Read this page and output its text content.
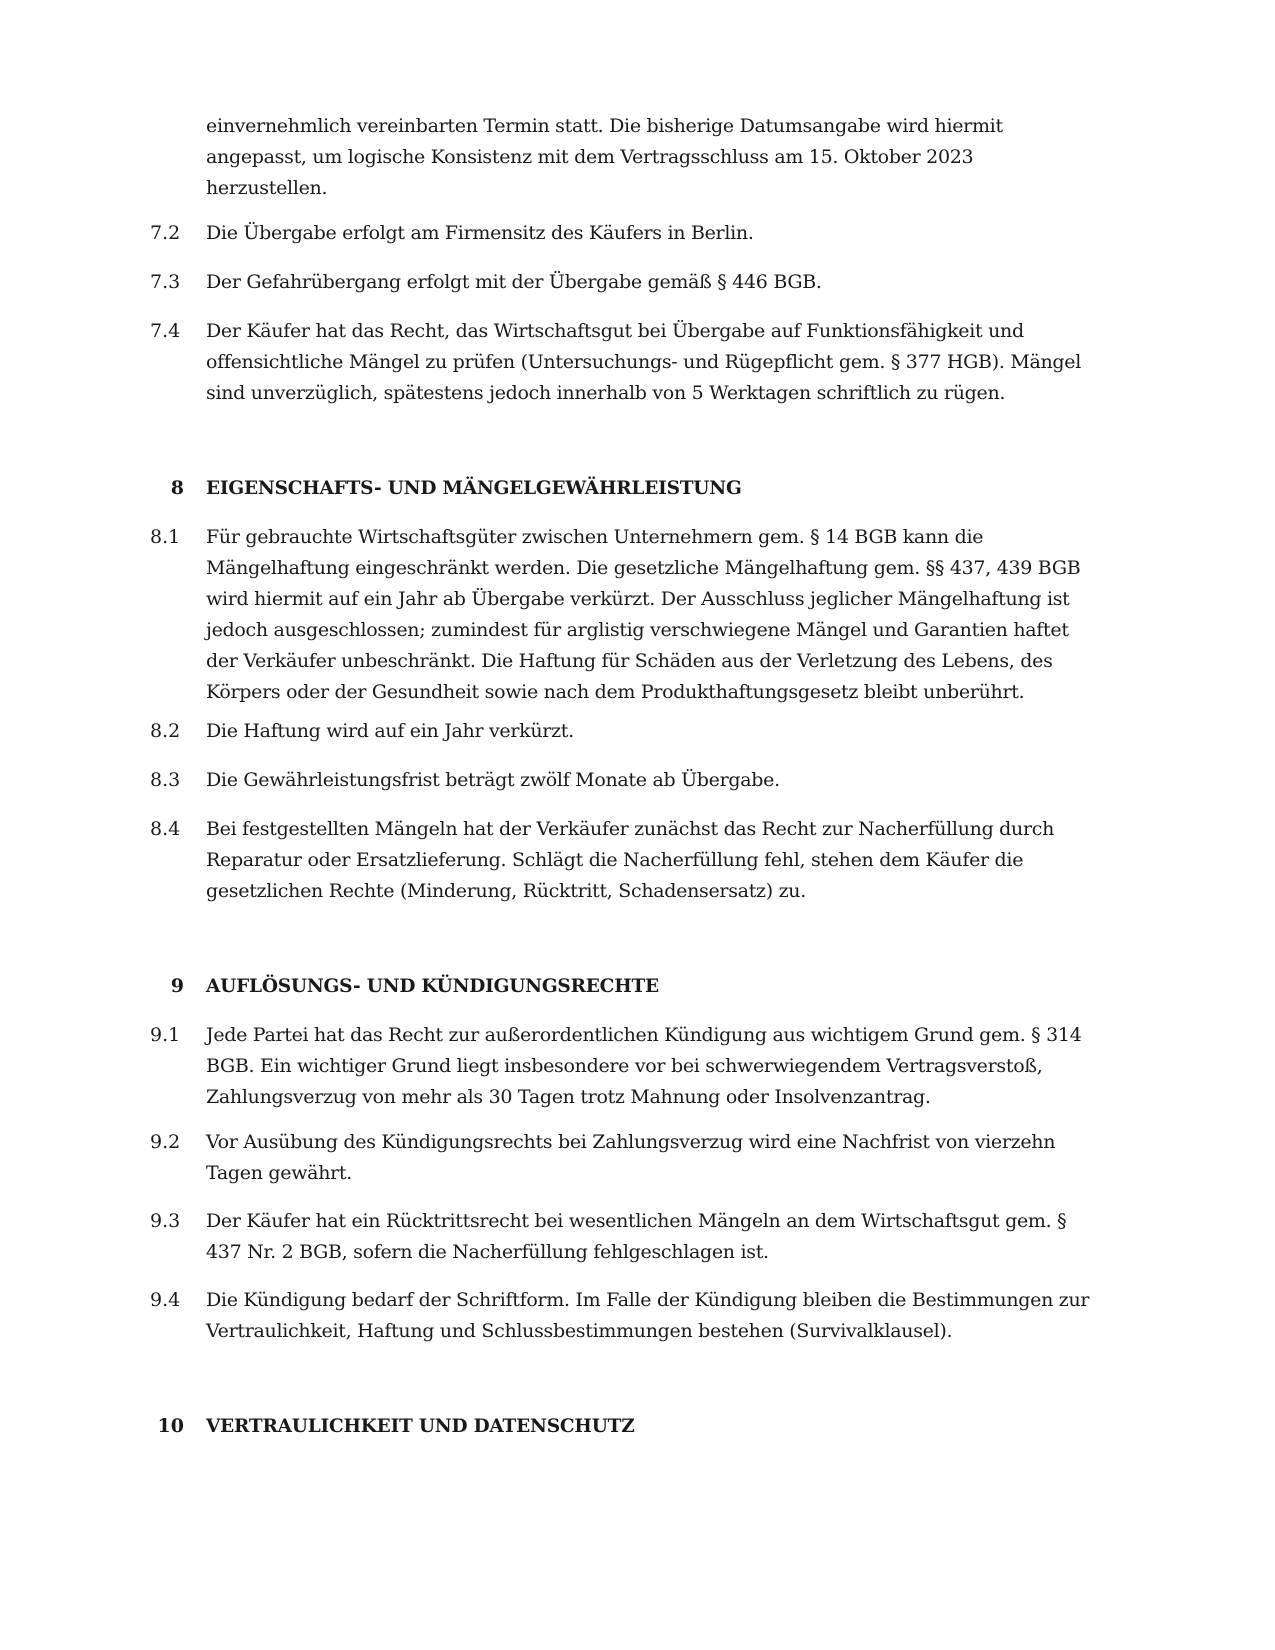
einvernehmlich vereinbarten Termin statt. Die bisherige Datumsangabe wird hiermit angepasst, um logische Konsistenz mit dem Vertragsschluss am 15. Oktober 2023 herzustellen.

7.2	Die Übergabe erfolgt am Firmensitz des Käufers in Berlin.

7.3	Der Gefahrübergang erfolgt mit der Übergabe gemäß § 446 BGB.

7.4	Der Käufer hat das Recht, das Wirtschaftsgut bei Übergabe auf Funktionsfähigkeit und offensichtliche Mängel zu prüfen (Untersuchungs- und Rügepflicht gem. § 377 HGB). Mängel sind unverzüglich, spätestens jedoch innerhalb von 5 Werktagen schriftlich zu rügen.

8 EIGENSCHAFTS- UND MÄNGELGEWÄHRLEISTUNG

8.1	Für gebrauchte Wirtschaftsgüter zwischen Unternehmern gem. § 14 BGB kann die Mängelhaftung eingeschränkt werden. Die gesetzliche Mängelhaftung gem. §§ 437, 439 BGB wird hiermit auf ein Jahr ab Übergabe verkürzt. Der Ausschluss jeglicher Mängelhaftung ist jedoch ausgeschlossen; zumindest für arglistig verschwiegene Mängel und Garantien haftet der Verkäufer unbeschränkt. Die Haftung für Schäden aus der Verletzung des Lebens, des Körpers oder der Gesundheit sowie nach dem Produkthaftungsgesetz bleibt unberührt.

8.2	Die Haftung wird auf ein Jahr verkürzt.

8.3	Die Gewährleistungsfrist beträgt zwölf Monate ab Übergabe.

8.4	Bei festgestellten Mängeln hat der Verkäufer zunächst das Recht zur Nacherfüllung durch Reparatur oder Ersatzlieferung. Schlägt die Nacherfüllung fehl, stehen dem Käufer die gesetzlichen Rechte (Minderung, Rücktritt, Schadensersatz) zu.

9 AUFLÖSUNGS- UND KÜNDIGUNGSRECHTE

9.1	Jede Partei hat das Recht zur außerordentlichen Kündigung aus wichtigem Grund gem. § 314 BGB. Ein wichtiger Grund liegt insbesondere vor bei schwerwiegendem Vertragsverstoß, Zahlungsverzug von mehr als 30 Tagen trotz Mahnung oder Insolvenzantrag.

9.2	Vor Ausübung des Kündigungsrechts bei Zahlungsverzug wird eine Nachfrist von vierzehn Tagen gewährt.

9.3	Der Käufer hat ein Rücktrittsrecht bei wesentlichen Mängeln an dem Wirtschaftsgut gem. § 437 Nr. 2 BGB, sofern die Nacherfüllung fehlgeschlagen ist.

9.4	Die Kündigung bedarf der Schriftform. Im Falle der Kündigung bleiben die Bestimmungen zur Vertraulichkeit, Haftung und Schlussbestimmungen bestehen (Survivalklausel).

10 VERTRAULICHKEIT UND DATENSCHUTZ
